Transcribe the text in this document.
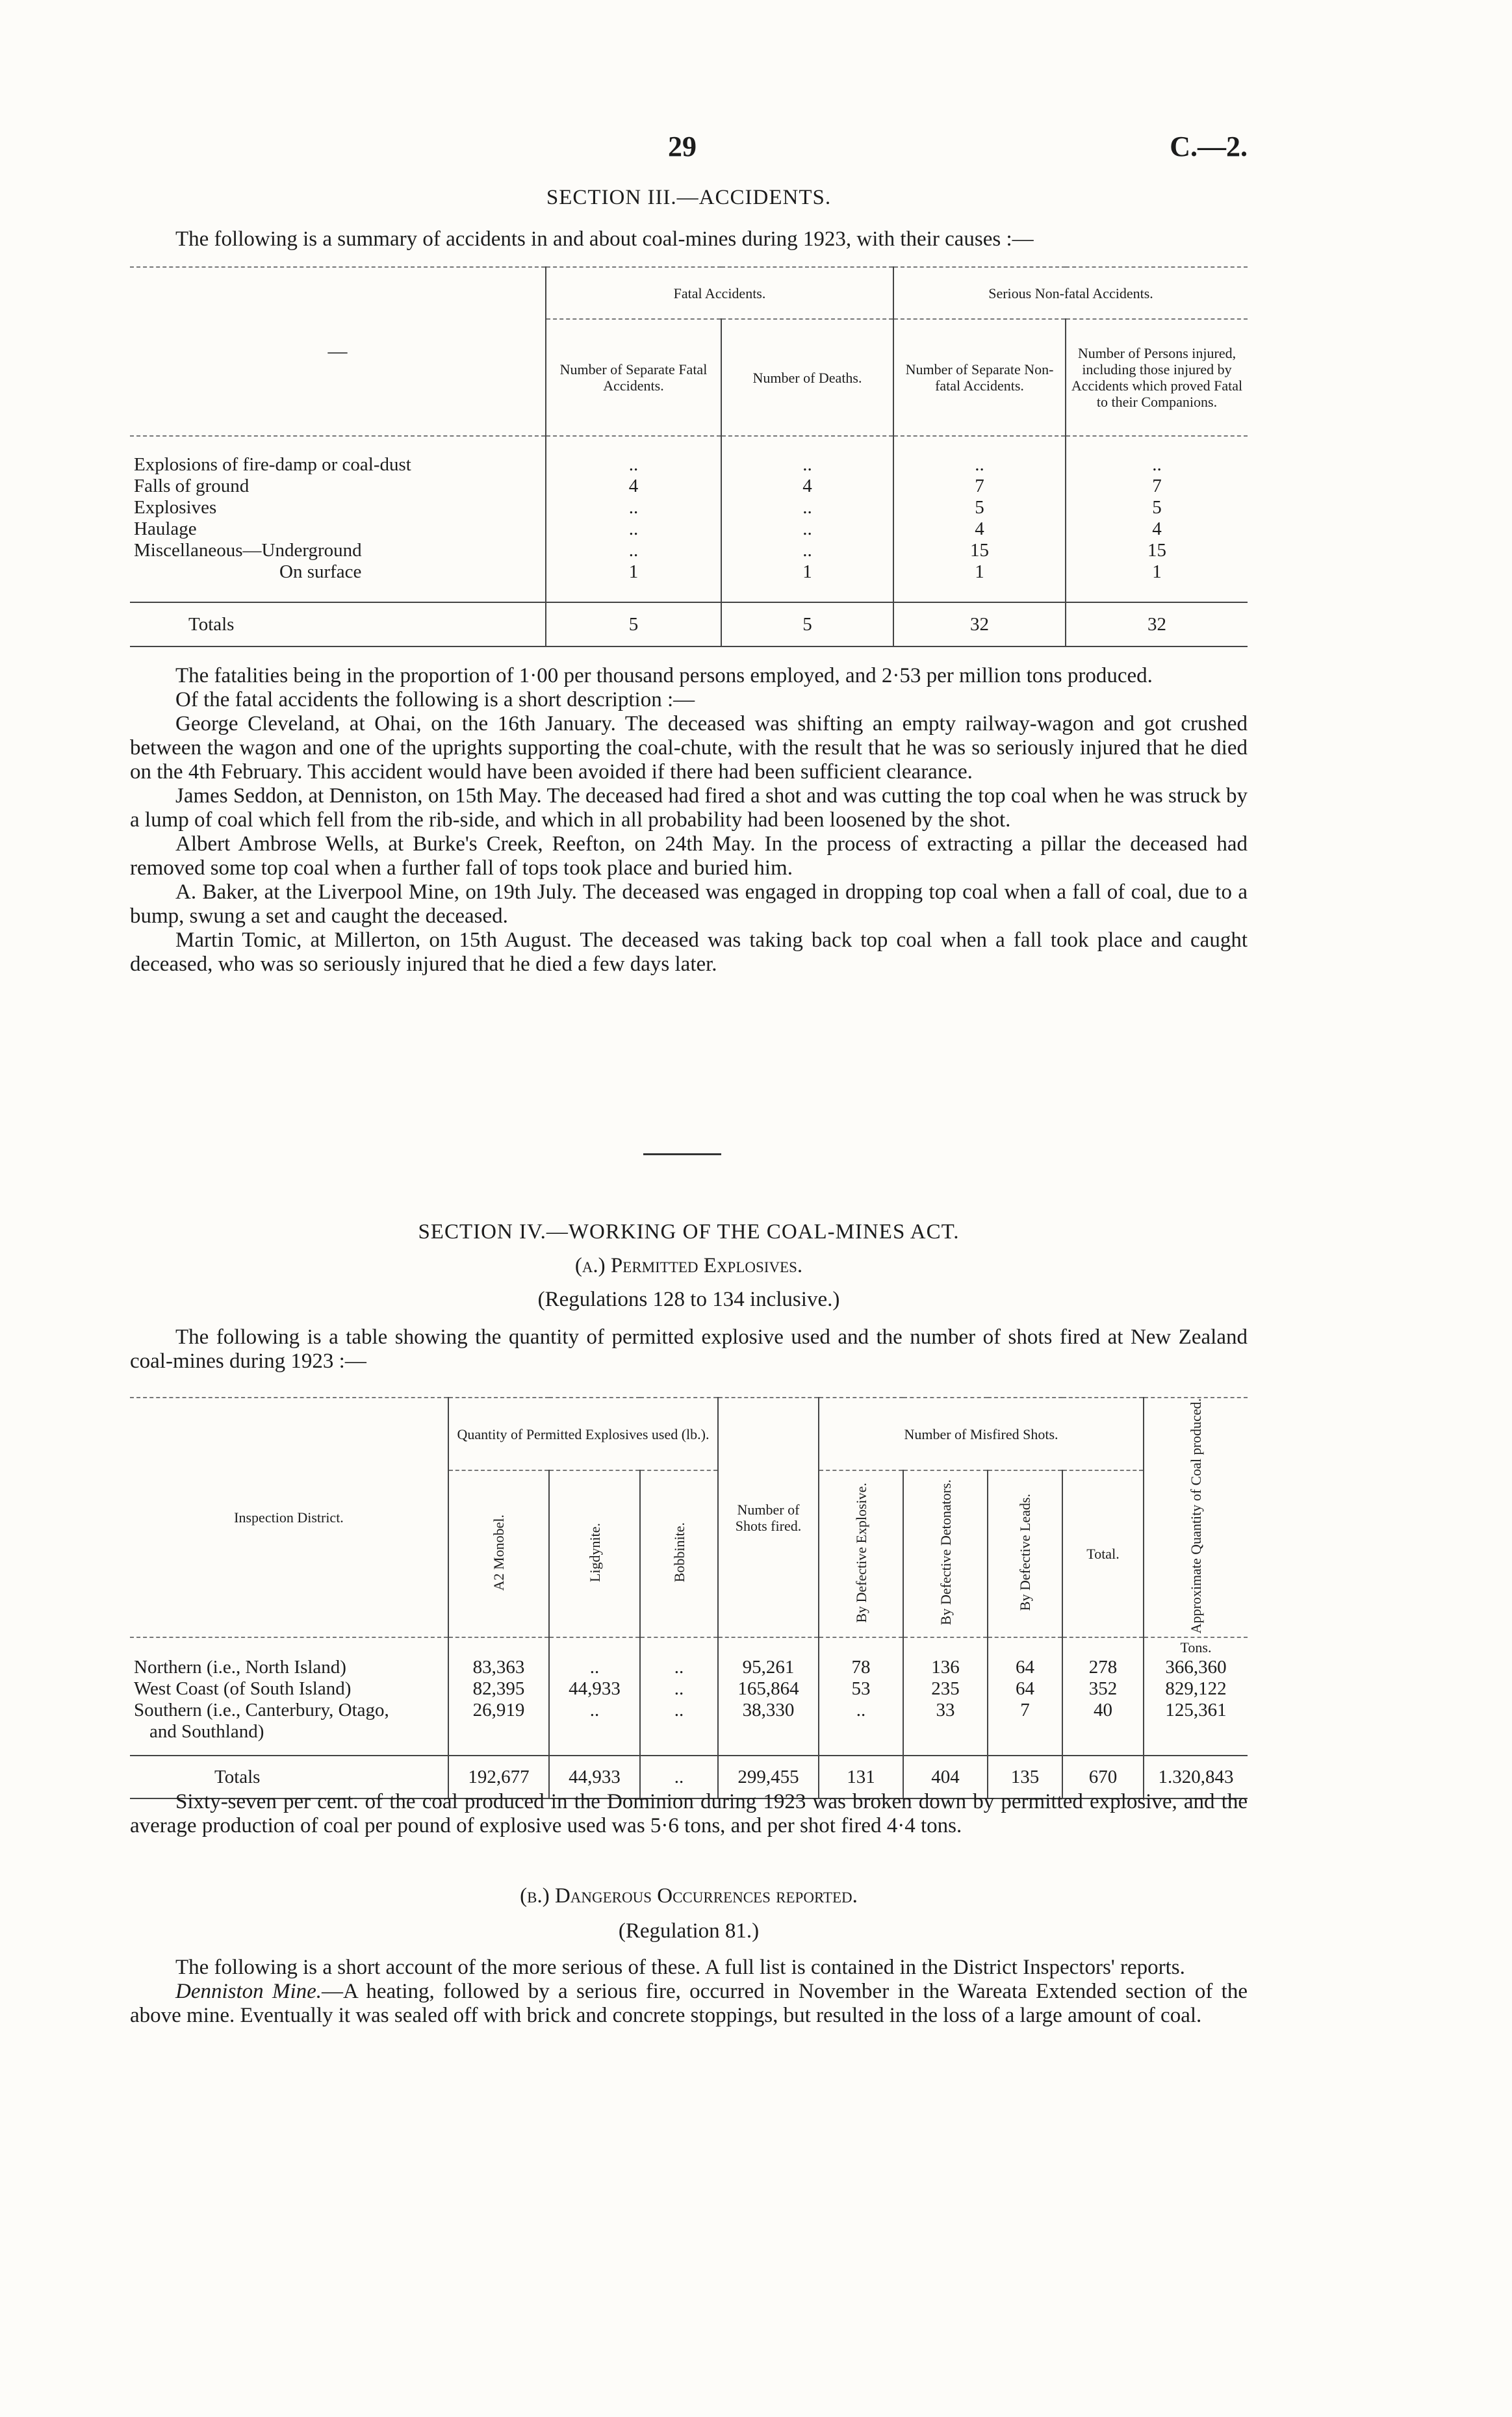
29	C.—2.
SECTION III.—ACCIDENTS.

The following is a summary of accidents in and about coal-mines during 1923, with their causes :—

—	Fatal Accidents.		Serious Non-fatal Accidents.	
	Number of Separate Fatal Accidents.	Number of Deaths.	Number of Separate Non-fatal Accidents.	Number of Persons injured, including those injured by Accidents which proved Fatal to their Companions.

Explosions of fire-damp or coal-dust	..	..	..	..
Falls of ground	4	4	7	7
Explosives	..	..	5	5
Haulage	..	..	4	4
Miscellaneous—Underground	..	..	15	15
On surface	1	1	1	1

Totals	5	5	32	32

The fatalities being in the proportion of 1·00 per thousand persons employed, and 2·53 per million tons produced.

Of the fatal accidents the following is a short description :—

George Cleveland, at Ohai, on the 16th January. The deceased was shifting an empty railway-wagon and got crushed between the wagon and one of the uprights supporting the coal-chute, with the result that he was so seriously injured that he died on the 4th February. This accident would have been avoided if there had been sufficient clearance.

James Seddon, at Denniston, on 15th May. The deceased had fired a shot and was cutting the top coal when he was struck by a lump of coal which fell from the rib-side, and which in all probability had been loosened by the shot.

Albert Ambrose Wells, at Burke's Creek, Reefton, on 24th May. In the process of extracting a pillar the deceased had removed some top coal when a further fall of tops took place and buried him.

A. Baker, at the Liverpool Mine, on 19th July. The deceased was engaged in dropping top coal when a fall of coal, due to a bump, swung a set and caught the deceased.

Martin Tomic, at Millerton, on 15th August. The deceased was taking back top coal when a fall took place and caught deceased, who was so seriously injured that he died a few days later.

SECTION IV.—WORKING OF THE COAL-MINES ACT.
(a.) Permitted Explosives.
(Regulations 128 to 134 inclusive.)

The following is a table showing the quantity of permitted explosive used and the number of shots fired at New Zealand coal-mines during 1923 :—

Inspection District.	Quantity of Permitted Explosives used (lb.).			Number of Shots fired.	Number of Misfired Shots.				Approximate Quantity of Coal produced.
	A2 Monobel.	Ligdynite.	Bobbinite.		By Defective Explosive.	By Defective Detonators.	By Defective Leads.	Total.	
									Tons.
Northern (i.e., North Island)	83,363	..	..	95,261	78	136	64	278	366,360
West Coast (of South Island)	82,395	44,933	..	165,864	53	235	64	352	829,122
Southern (i.e., Canterbury, Otago,	26,919	..	..	38,330	..	33	7	40	125,361
and Southland)									

Totals	192,677	44,933	..	299,455	131	404	135	670	1.320,843

Sixty-seven per cent. of the coal produced in the Dominion during 1923 was broken down by permitted explosive, and the average production of coal per pound of explosive used was 5·6 tons, and per shot fired 4·4 tons.

(b.) Dangerous Occurrences reported.
(Regulation 81.)

The following is a short account of the more serious of these. A full list is contained in the District Inspectors' reports.

Denniston Mine.—A heating, followed by a serious fire, occurred in November in the Wareata Extended section of the above mine. Eventually it was sealed off with brick and concrete stoppings, but resulted in the loss of a large amount of coal.
